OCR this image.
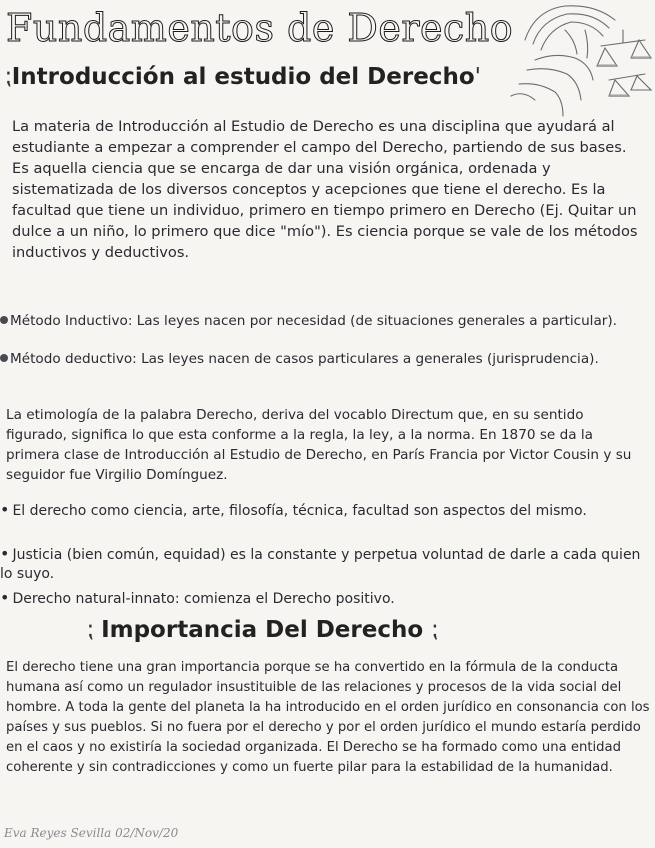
Fundamentos de Derecho
⁏Introducción al estudio del Derecho'

La materia de Introducción al Estudio de Derecho es una disciplina que ayudará al estudiante a empezar a comprender el campo del Derecho, partiendo de sus bases. Es aquella ciencia que se encarga de dar una visión orgánica, ordenada y sistematizada de los diversos conceptos y acepciones que tiene el derecho. Es la facultad que tiene un individuo, primero en tiempo primero en Derecho (Ej. Quitar un dulce a un niño, lo primero que dice "mío"). Es ciencia porque se vale de los métodos inductivos y deductivos.

Método Inductivo: Las leyes nacen por necesidad (de situaciones generales a particular).

Método deductivo: Las leyes nacen de casos particulares a generales (jurisprudencia).

La etimología de la palabra Derecho, deriva del vocablo Directum que, en su sentido figurado, significa lo que esta conforme a la regla, la ley, a la norma. En 1870 se da la primera clase de Introducción al Estudio de Derecho, en París Francia por Victor Cousin y su seguidor fue Virgilio Domínguez.

• El derecho como ciencia, arte, filosofía, técnica, facultad son aspectos del mismo.

• Justicia (bien común, equidad) es la constante y perpetua voluntad de darle a cada quien lo suyo.

• Derecho natural-innato: comienza el Derecho positivo.

⁏ Importancia Del Derecho ⁏

El derecho tiene una gran importancia porque se ha convertido en la fórmula de la conducta humana así como un regulador insustituible de las relaciones y procesos de la vida social del hombre. A toda la gente del planeta la ha introducido en el orden jurídico en consonancia con los países y sus pueblos. Si no fuera por el derecho y por el orden jurídico el mundo estaría perdido en el caos y no existiría la sociedad organizada. El Derecho se ha formado como una entidad coherente y sin contradicciones y como un fuerte pilar para la estabilidad de la humanidad.

Eva Reyes Sevilla 02/Nov/20
